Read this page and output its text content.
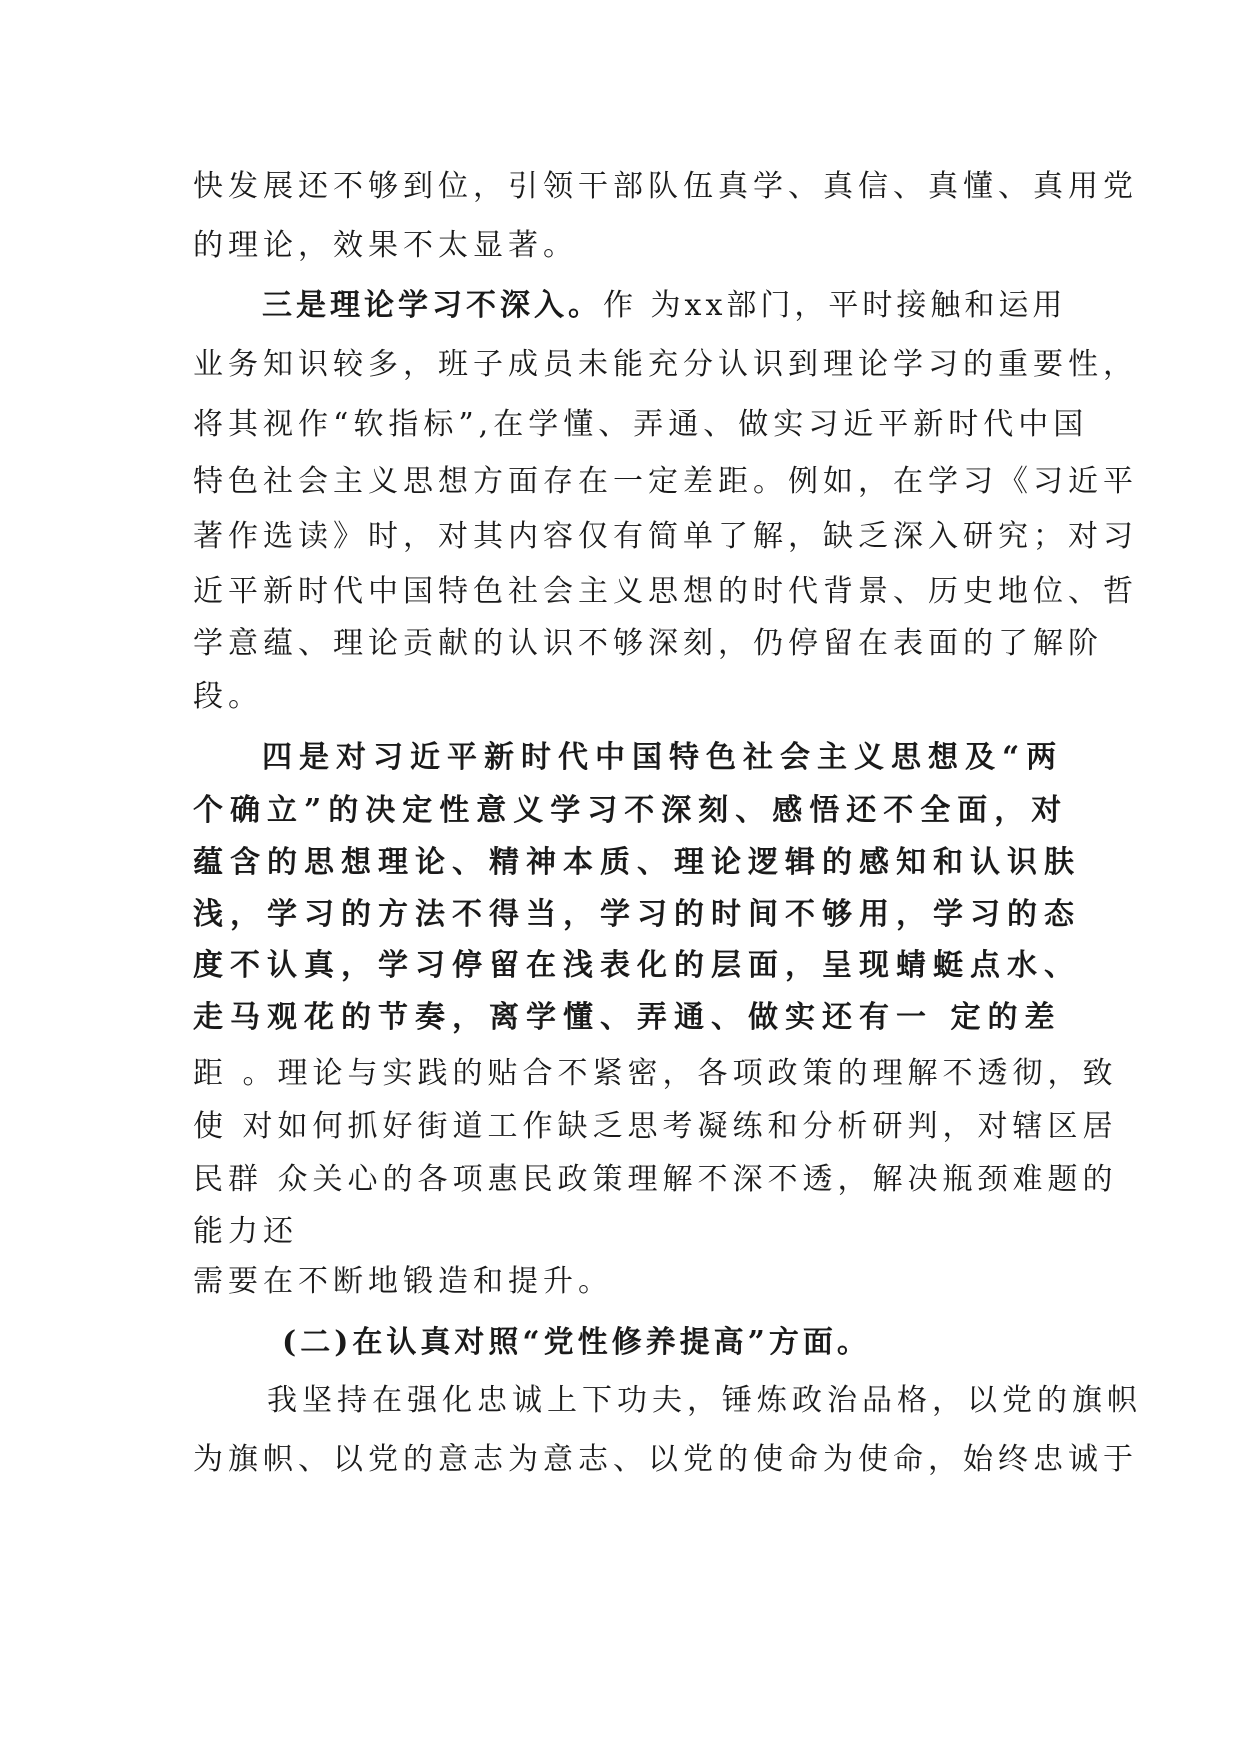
快发展还不够到位，引领干部队伍真学、真信、真懂、真用党
的理论，效果不太显著。
三是理论学习不深入。 作 为xx部门，平时接触和运用
业务知识较多，班子成员未能充分认识到理论学习的重要性，
将其视作“软指标”,在学懂、弄通、做实习近平新时代中国
特色社会主义思想方面存在一定差距。例如，在学习《习近平
著作选读》时，对其内容仅有简单了解，缺乏深入研究；对习
近平新时代中国特色社会主义思想的时代背景、历史地位、哲
学意蕴、理论贡献的认识不够深刻，仍停留在表面的了解阶
段。
四是对习近平新时代中国特色社会主义思想及“两
个确立”的决定性意义学习不深刻、感悟还不全面，对
蕴含的思想理论、精神本质、理论逻辑的感知和认识肤
浅，学习的方法不得当，学习的时间不够用，学习的态
度不认真，学习停留在浅表化的层面，呈现蜻蜓点水、
走马观花的节奏，离学懂、弄通、做实还有一 定的差
距 。理论与实践的贴合不紧密，各项政策的理解不透彻，致
使 对如何抓好街道工作缺乏思考凝练和分析研判，对辖区居
民群 众关心的各项惠民政策理解不深不透，解决瓶颈难题的
能力还
需要在不断地锻造和提升。
(二)在认真对照“党性修养提高”方面。
我坚持在强化忠诚上下功夫，锤炼政治品格，以党的旗帜
为旗帜、以党的意志为意志、以党的使命为使命，始终忠诚于
